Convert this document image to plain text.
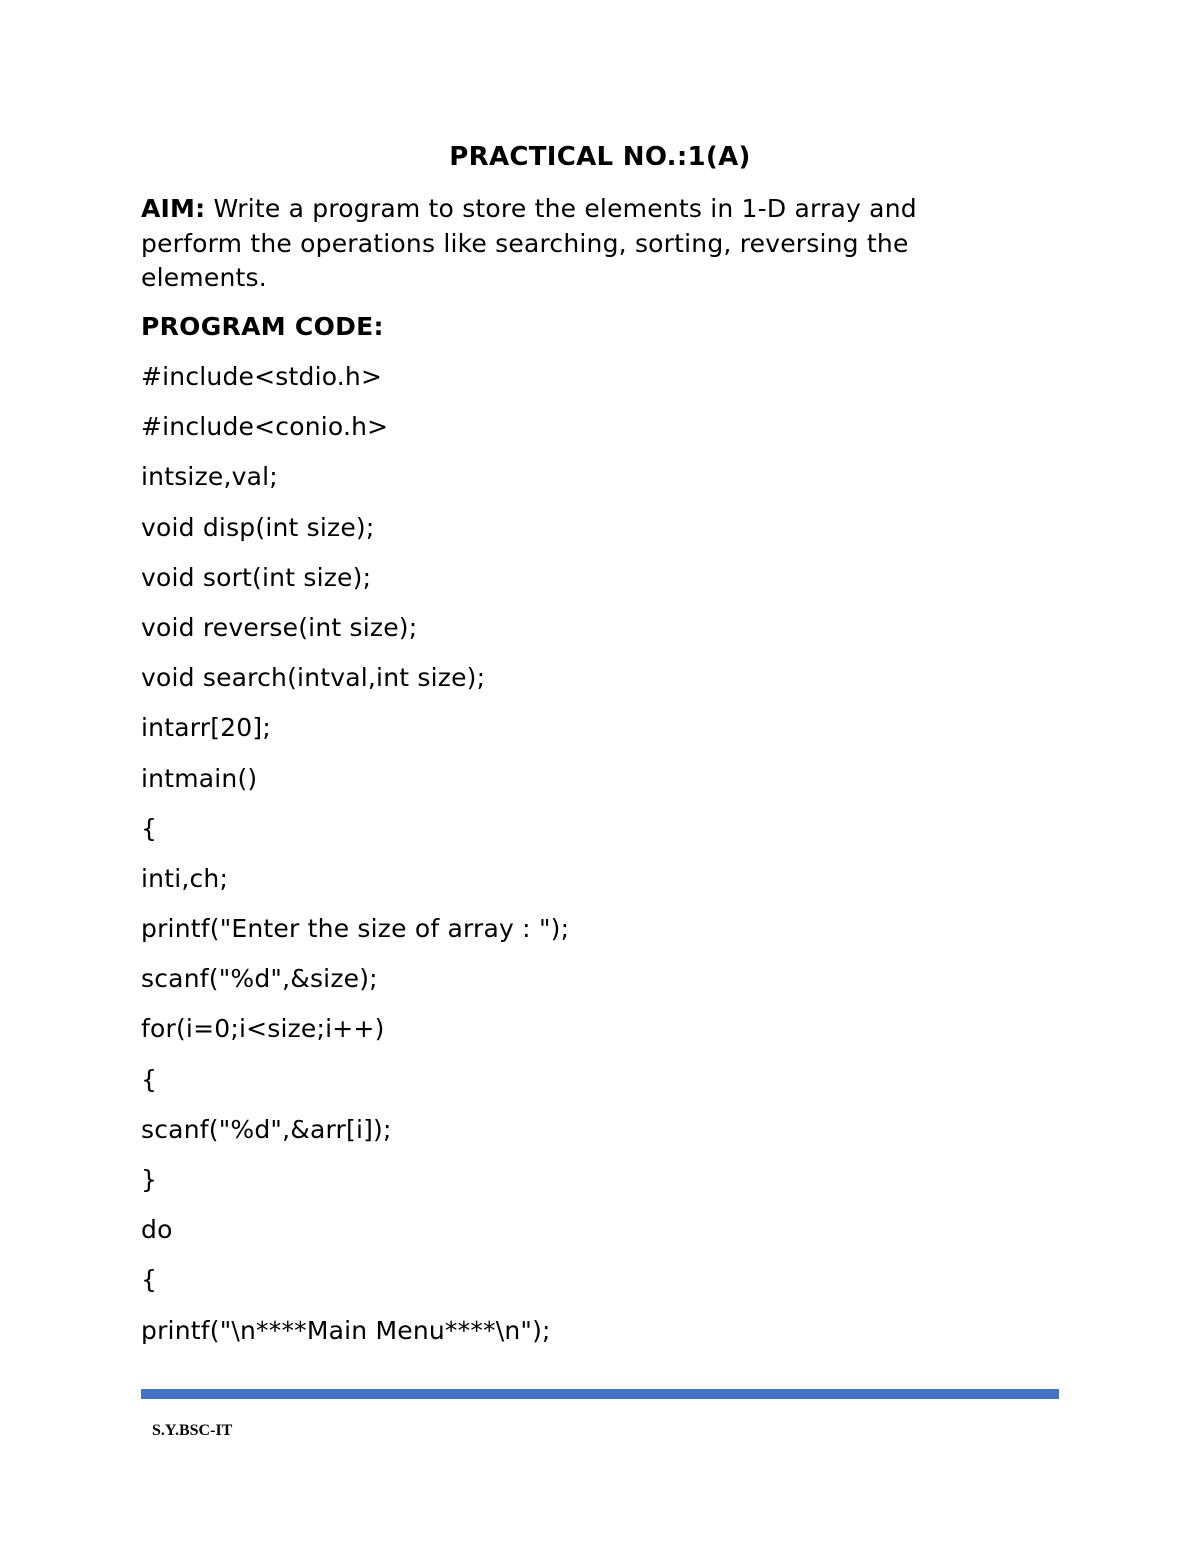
PRACTICAL NO.:1(A)
AIM: Write a program to store the elements in 1-D array and perform the operations like searching, sorting, reversing the elements.
PROGRAM CODE:
#include<stdio.h>
#include<conio.h>
intsize,val;
void disp(int size);
void sort(int size);
void reverse(int size);
void search(intval,int size);
intarr[20];
intmain()
{
inti,ch;
printf("Enter the size of array : ");
scanf("%d",&size);
for(i=0;i<size;i++)
{
scanf("%d",&arr[i]);
}
do
{
printf("\n****Main Menu****\n");
S.Y.BSC-IT
